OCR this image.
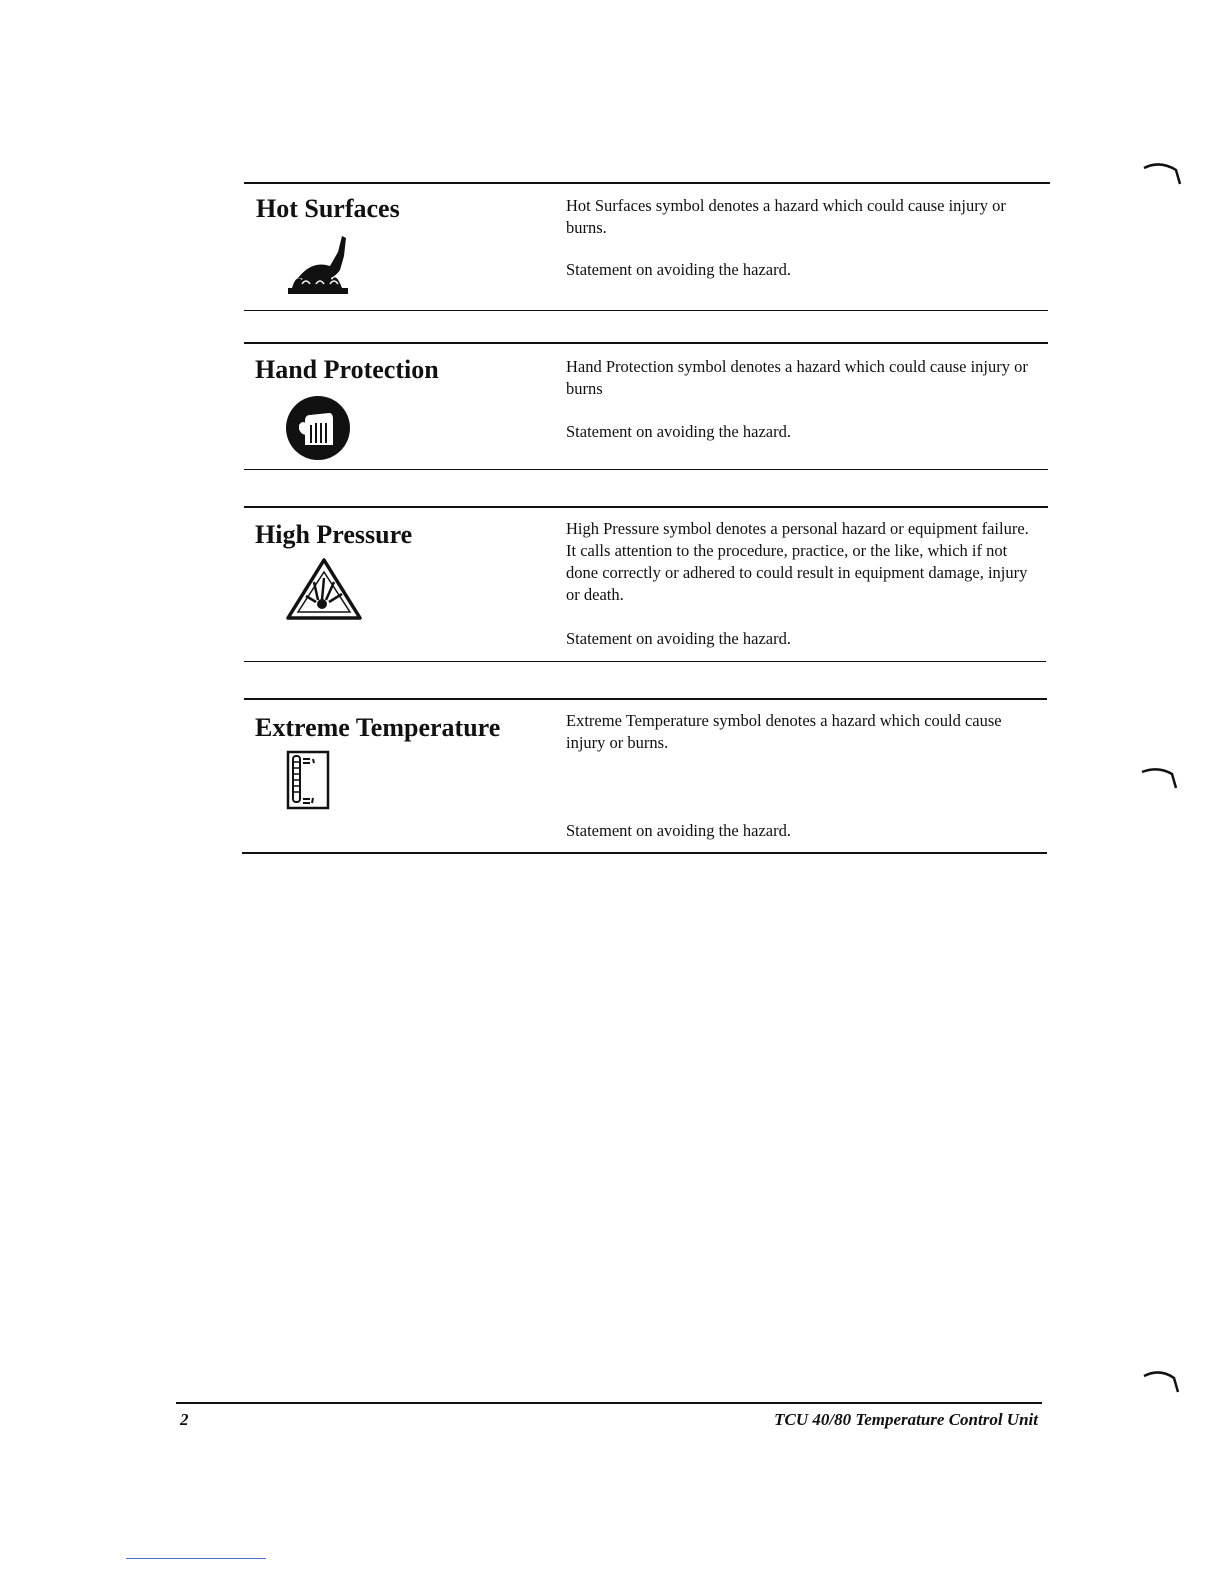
Hot Surfaces	Hot Surfaces symbol denotes a hazard which could cause injury or burns.

Statement on avoiding the hazard.

Hand Protection	Hand Protection symbol denotes a hazard which could cause injury or burns

Statement on avoiding the hazard.

High Pressure	High Pressure symbol denotes a personal hazard or equipment failure. It calls attention to the procedure, practice, or the like, which if not done correctly or adhered to could result in equipment damage, injury or death.

Statement on avoiding the hazard.

Extreme Temperature	Extreme Temperature symbol denotes a hazard which could cause injury or burns.

Statement on avoiding the hazard.

2	TCU 40/80 Temperature Control Unit
